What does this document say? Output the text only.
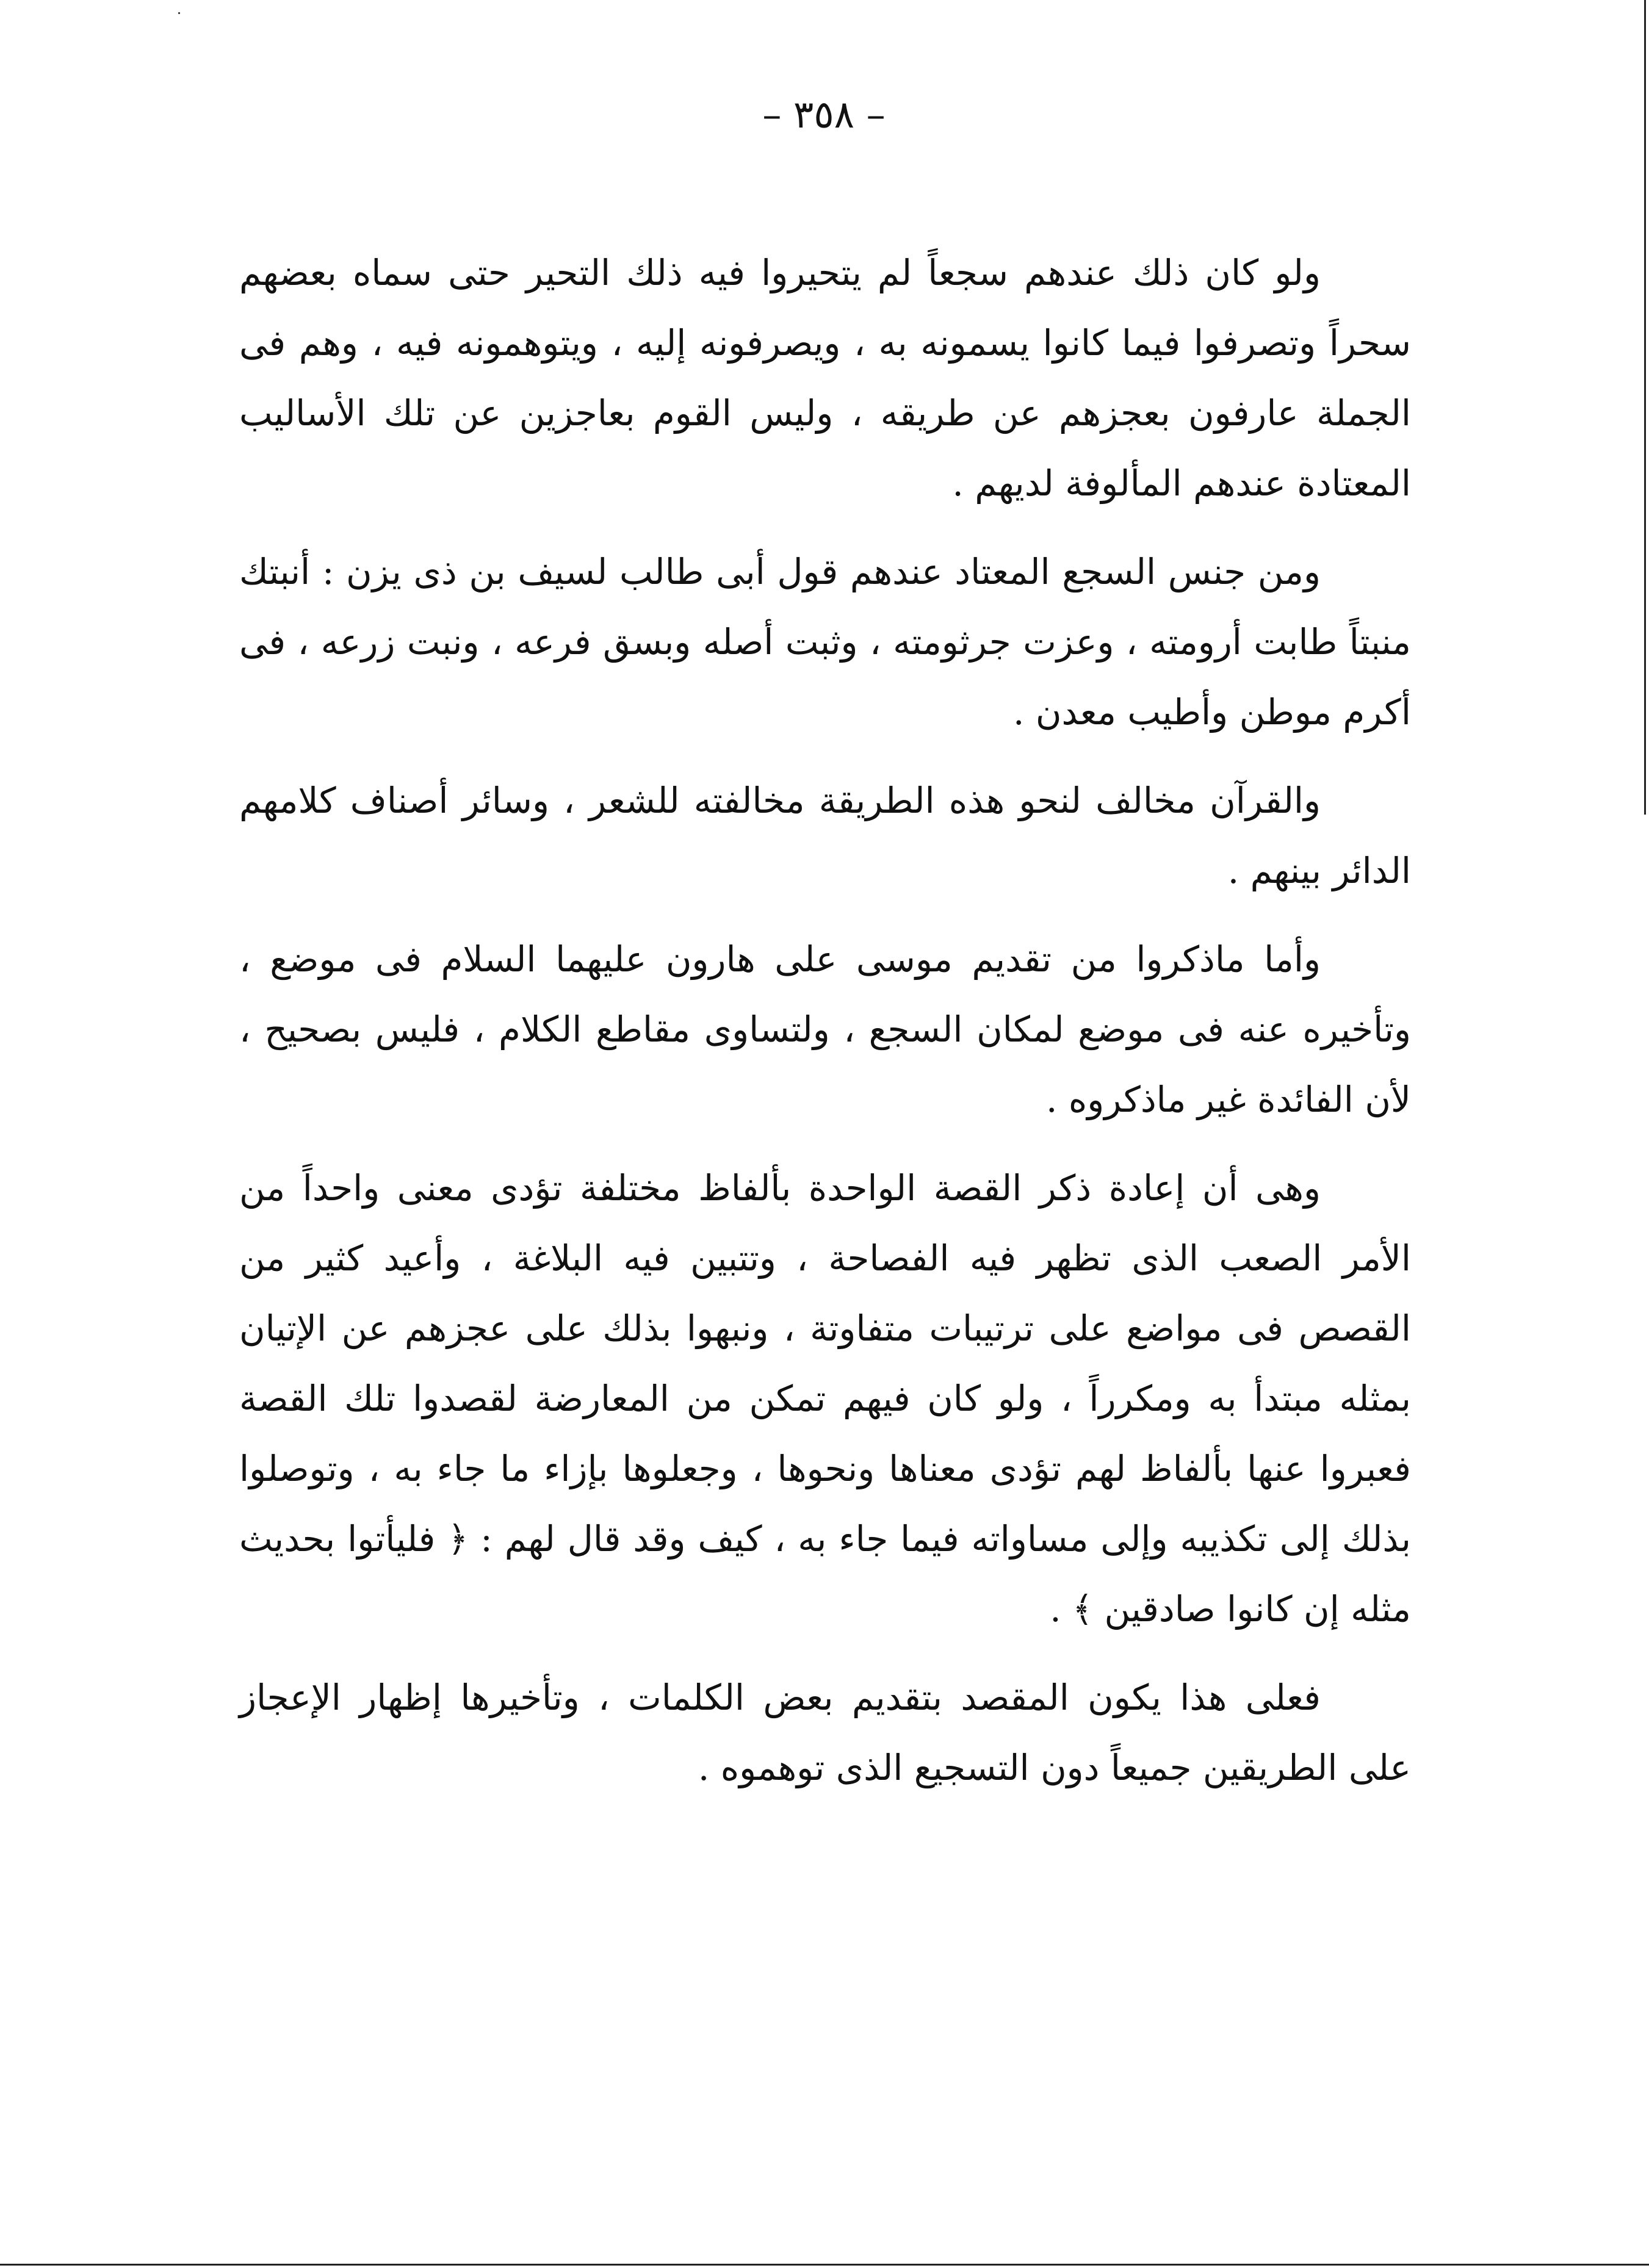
– ٣٥٨ –

ولو كان ذلك عندهم سجعاً لم يتحيروا فيه ذلك التحير حتى سماه بعضهم سحراً وتصرفوا فيما كانوا يسمونه به ، ويصرفونه إليه ، ويتوهمونه فيه ، وهم فى الجملة عارفون بعجزهم عن طريقه ، وليس القوم بعاجزين عن تلك الأساليب المعتادة عندهم المألوفة لديهم .

ومن جنس السجع المعتاد عندهم قول أبى طالب لسيف بن ذى يزن : أنبتك منبتاً طابت أرومته ، وعزت جرثومته ، وثبت أصله وبسق فرعه ، ونبت زرعه ، فى أكرم موطن وأطيب معدن .

والقرآن مخالف لنحو هذه الطريقة مخالفته للشعر ، وسائر أصناف كلامهم الدائر بينهم .

وأما ماذكروا من تقديم موسى على هارون عليهما السلام فى موضع ، وتأخيره عنه فى موضع لمكان السجع ، ولتساوى مقاطع الكلام ، فليس بصحيح ، لأن الفائدة غير ماذكروه .

وهى أن إعادة ذكر القصة الواحدة بألفاظ مختلفة تؤدى معنى واحداً من الأمر الصعب الذى تظهر فيه الفصاحة ، وتتبين فيه البلاغة ، وأعيد كثير من القصص فى مواضع على ترتيبات متفاوتة ، ونبهوا بذلك على عجزهم عن الإتيان بمثله مبتدأ به ومكرراً ، ولو كان فيهم تمكن من المعارضة لقصدوا تلك القصة فعبروا عنها بألفاظ لهم تؤدى معناها ونحوها ، وجعلوها بإزاء ما جاء به ، وتوصلوا بذلك إلى تكذيبه وإلى مساواته فيما جاء به ، كيف وقد قال لهم : ﴿ فليأتوا بحديث مثله إن كانوا صادقين ﴾ .

فعلى هذا يكون المقصد بتقديم بعض الكلمات ، وتأخيرها إظهار الإعجاز على الطريقين جميعاً دون التسجيع الذى توهموه .
